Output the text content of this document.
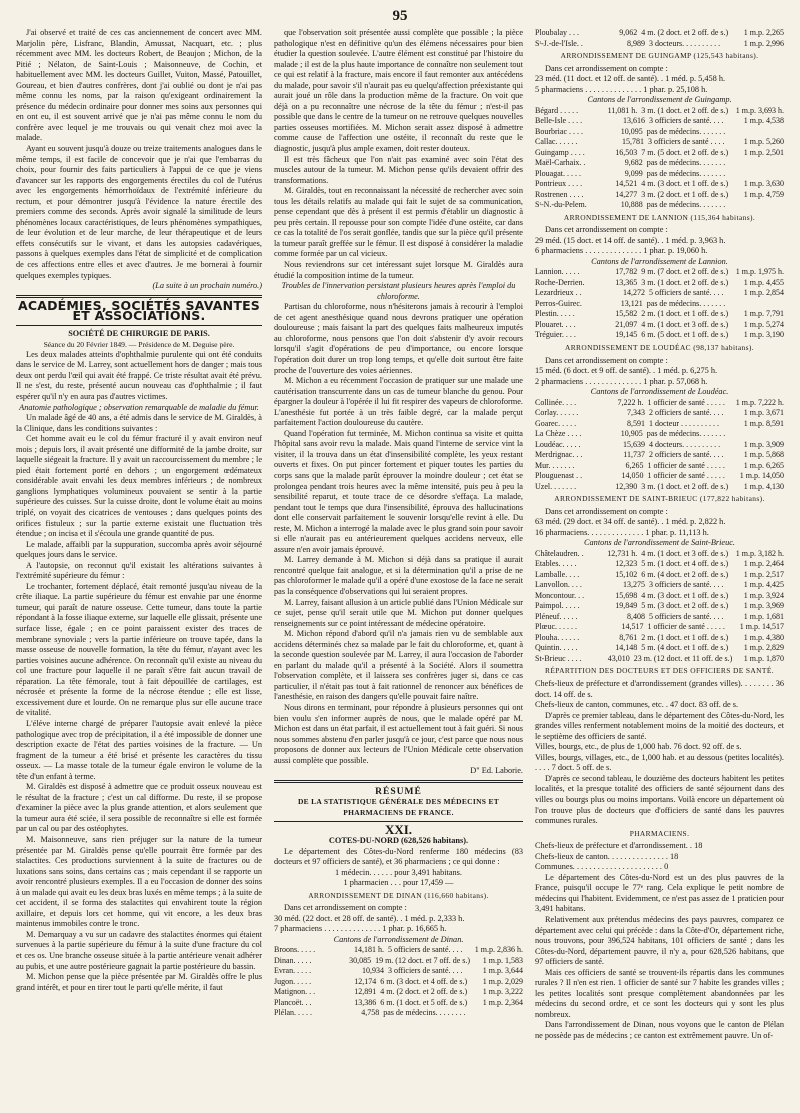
95

J'ai observé et traité de ces cas anciennement de concert avec MM. Marjolin père, Lisfranc, Blandin, Amussat, Nacquart, etc. ; plus récemment avec MM. les docteurs Robert, de Beaujon ; Michon, de la Pitié ; Nélaton, de Saint-Louis ; Maisonneuve, de Cochin, et habituellement avec MM. les docteurs Guillet, Vuiton, Massé, Patouillet, Goureau, et bien d'autres confrères, dont j'ai oublié ou dont je n'ai pas même connu les noms, par la raison qu'exigeant ordinairement la présence du médecin ordinaire pour donner mes soins aux personnes qui en ont eu, il est souvent arrivé que je n'ai pas même connu le nom du confrère avec lequel je me trouvais ou qui venait chez moi avec la malade.

Ayant eu souvent jusqu'à douze ou treize traitements analogues dans le même temps, il est facile de concevoir que je n'ai que l'embarras du choix, pour fournir des faits particuliers à l'appui de ce que je viens d'avancer sur les rapports des engorgements érectiles du col de l'utérus avec les engorgements hémorrhoïdaux de l'extrémité inférieure du rectum, et pour démontrer jusqu'à l'évidence la nature érectile des premiers comme des seconds. Après avoir signalé la similitude de leurs phénomènes locaux caractéristiques, de leurs phénomènes sympathiques, de leur évolution et de leur marche, de leur thérapeutique et de leurs effets consécutifs sur le vivant, et dans les autopsies cadavériques, passons à quelques exemples dans l'état de simplicité et de complication de ces affections entre elles et avec d'autres. Je me bornerai à fournir quelques exemples typiques.

(La suite à un prochain numéro.)

ACADÉMIES, SOCIÉTÉS SAVANTES ET ASSOCIATIONS.
SOCIÉTÉ DE CHIRURGIE DE PARIS.

Séance du 20 Février 1849. — Présidence de M. Deguise père.

Les deux malades atteints d'ophthalmie purulente qui ont été conduits dans le service de M. Larrey, sont actuellement hors de danger ; mais tous deux ont perdu l'œil qui avait été frappé. Ce triste résultat avait été prévu. Il ne s'est, du reste, présenté aucun nouveau cas d'ophthalmie ; il faut espérer qu'il n'y en aura pas d'autres victimes.

Anatomie pathologique ; observation remarquable de maladie du fémur.

Un malade âgé de 40 ans, a été admis dans le service de M. Giraldès, à la Clinique, dans les conditions suivantes :

Cet homme avait eu le col du fémur fracturé il y avait environ neuf mois ; depuis lors, il avait présenté une difformité de la jambe droite, sur laquelle siégeait la fracture. Il y avait un raccourcissement du membre ; le pied était fortement porté en dehors ; un engorgement œdémateux considérable avait envahi les deux membres inférieurs ; de nombreux ganglions lymphatiques volumineux pouvaient se sentir à la partie supérieure des cuisses. Sur la cuisse droite, dont le volume était au moins triplé, on voyait des cicatrices de ventouses ; dans quelques points des orifices fistuleux ; sur la partie externe existait une fluctuation très étendue ; on incisa et il s'écoula une grande quantité de pus.

Le malade, affaibli par la suppuration, succomba après avoir séjourné quelques jours dans le service.

A l'autopsie, on reconnut qu'il existait les altérations suivantes à l'extrémité supérieure du fémur :

Le trochanter, fortement déplacé, était remonté jusqu'au niveau de la crête iliaque. La partie supérieure du fémur est envahie par une énorme tumeur, qui paraît de nature osseuse. Cette tumeur, dans toute la partie répondant à la fosse iliaque externe, sur laquelle elle glissait, présente une surface lisse, égale ; en ce point paraissent exister des traces de membrane synoviale ; vers la partie inférieure on trouve tapée, dans la masse osseuse de nouvelle formation, la tête du fémur, n'ayant avec les parties voisines aucune adhérence. On reconnaît qu'il existe au niveau du col une fracture pour laquelle il ne paraît s'être fait aucun travail de réparation. La tête fémorale, tout à fait dépouillée de cartilages, est nécrosée et présente la forme de la nécrose étendue ; elle est lisse, excessivement dure et lourde. On ne remarque plus sur elle aucune trace de vitalité.

L'éléve interne chargé de préparer l'autopsie avait enlevé la pièce pathologique avec trop de précipitation, il a été impossible de donner une description exacte de l'état des parties voisines de la fracture. — Un fragment de la tumeur a été brisé et présente les caractères du tissu osseux. — La masse totale de la tumeur égale environ le volume de la tête d'un enfant à terme.

M. Giraldès est disposé à admettre que ce produit osseux nouveau est le résultat de la fracture ; c'est un cal difforme. Du reste, il se propose d'examiner la pièce avec la plus grande attention, et alors seulement que la tumeur aura été sciée, il sera possible de reconnaître si elle est formée par un cal ou par des ostéophytes.

M. Maisonneuve, sans rien préjuger sur la nature de la tumeur présentée par M. Giraldès pense qu'elle pourrait être formée par des stalactites. Ces productions surviennent à la suite de fractures ou de luxations sans soins, dans certains cas ; mais cependant il se rapporte un avoir rencontré plusieurs exemples. Il a eu l'occasion de donner des soins à un malade qui avait eu les deux bras luxés en même temps ; à la suite de cet accident, il se forma des stalactites qui envahirent toute la région axillaire, et depuis lors cet homme, qui vit encore, a les deux bras maintenus immobiles contre le tronc.

M. Demarquay a vu sur un cadavre des stalactites énormes qui étaient survenues à la partie supérieure du fémur à la suite d'une fracture du col et ces os. Une branche osseuse située à la partie antérieure venait adhérer au pubis, et une autre postérieure gagnait la partie postérieure du bassin.

M. Michon pense que la pièce présentée par M. Giraldès offre le plus grand intérêt, et pour en tirer tout le parti qu'elle mérite, il faut

que l'observation soit présentée aussi complète que possible ; la pièce pathologique n'est en définitive qu'un des élémens nécessaires pour bien étudier la question soulevée. L'autre élément est constitué par l'histoire du malade ; il est de la plus haute importance de connaître non seulement tout ce qui est relatif à la fracture, mais encore il faut remonter aux antécédens du malade, pour savoir s'il n'aurait pas eu quelqu'affection préexistante qui aurait joué un rôle dans la production même de la fracture. On voit que déjà on a pu reconnaître une nécrose de la tête du fémur ; n'est-il pas possible que dans le centre de la tumeur on ne retrouve quelques nouvelles parties osseuses mortifiées. M. Michon serait assez disposé à admettre comme cause de l'affection une ostéite, il reconnaît du reste que le diagnostic, jusqu'à plus ample examen, doit rester douteux.

Il est très fâcheux que l'on n'ait pas examiné avec soin l'état des muscles autour de la tumeur. M. Michon pense qu'ils devaient offrir des transformations.

M. Giraldès, tout en reconnaissant la nécessité de rechercher avec soin tous les détails relatifs au malade qui fait le sujet de sa communication, pense cependant que dès à présent il est permis d'établir un diagnostic à peu près certain. Il repousse pour son compte l'idée d'une ostéite, car dans ce cas la totalité de l'os serait gonflée, tandis que sur la pièce qu'il présente la tumeur paraît greffée sur le fémur. Il est disposé à considérer la maladie comme formée par un cal vicieux.

Nous reviendrons sur cet intéressant sujet lorsque M. Giraldès aura étudié la composition intime de la tumeur.

Troubles de l'innervation persistant plusieurs heures après l'emploi du chloroforme.

Partisan du chloroforme, nous n'hésiterons jamais à recourir à l'emploi de cet agent anesthésique quand nous devrons pratiquer une opération douloureuse ; mais faisant la part des quelques faits malheureux imputés au chloroforme, nous pensons que l'on doit s'abstenir d'y avoir recours lorsqu'il s'agit d'opérations de peu d'importance, ou encore lorsque l'opération doit durer un trop long temps, et qu'elle doit surtout être faite proche de l'ouverture des voies aériennes.

M. Michon a eu récemment l'occasion de pratiquer sur une malade une cautérisation transcurrente dans un cas de tumeur blanche du genou. Pour épargner la douleur à l'opérée il lui fit respirer des vapeurs de chloroforme. L'anesthésie fut portée à un très faible degré, car la malade perçut parfaitement l'action douloureuse du cautère.

Quand l'opération fut terminée, M. Michon continua sa visite et quitta l'hôpital sans avoir revu la malade. Mais quand l'interne de service vint la visiter, il la trouva dans un état d'insensibilité complète, les yeux restant ouverts et fixes. On put pincer fortement et piquer toutes les parties du corps sans que la malade parût éprouver la moindre douleur ; cet état se prolongea pendant trois heures avec la même intensité, puis peu à peu la sensibilité reparut, et toute trace de ce désordre s'effaça. La malade, pendant tout le temps que dura l'insensibilité, éprouva des hallucinations dont elle conservait parfaitement le souvenir lorsqu'elle revint à elle. Du reste, M. Michon a interrogé la malade avec le plus grand soin pour savoir si elle n'aurait pas eu antérieurement quelques accidens nerveux, elle assure n'en avoir jamais éprouvé.

M. Larrey demande à M. Michon si déjà dans sa pratique il aurait rencontré quelque fait analogue, et si la détermination qu'il a prise de ne pas chloroformer le malade qu'il a opéré d'une exostose de la face ne serait pas la conséquence d'observations qui lui seraient propres.

M. Larrey, faisant allusion à un article publié dans l'Union Médicale sur ce sujet, pense qu'il serait utile que M. Michon put donner quelques renseignements sur ce point intéressant de médecine opératoire.

M. Michon répond d'abord qu'il n'a jamais rien vu de semblable aux accidens déterminés chez sa malade par le fait du chloroforme, et, quant à la seconde question soulevée par M. Larrey, il aura l'occasion de l'aborder en parlant du malade qu'il a présenté à la Société. Alors il soumettra l'observation complète, et il laissera ses confrères juger si, dans ce cas particulier, il n'était pas tout à fait rationnel de renoncer aux bénéfices de l'anesthésie, en raison des dangers qu'elle pouvait faire naître.

Nous dirons en terminant, pour répondre à plusieurs personnes qui ont bien voulu s'en informer auprès de nous, que le malade opéré par M. Michon est dans un état parfait, il est actuellement tout à fait guéri. Si nous nous sommes abstenu d'en parler jusqu'à ce jour, c'est parce que nous nous proposons de donner aux lecteurs de l'Union Médicale cette observation aussi complète que possible.

D" Ed. Laborie.

RÉSUMÉ
DE LA STATISTIQUE GÉNÉRALE DES MÉDECINS ET PHARMACIENS DE FRANCE.
XXI.

COTES-DU-NORD (628,526 habitans).

Le département des Côtes-du-Nord renferme 180 médecins (83 docteurs et 97 officiers de santé), et 36 pharmaciens ; ce qui donne :

1 médecin. . . . . . pour 3,491 habitans.

1 pharmacien . . . pour 17,459 —

ARRONDISSEMENT DE DINAN (116,660 habitans).

Dans cet arrondissement on compte :

30 méd. (22 doct. et 28 off. de santé). . 1 méd. p. 2,333 h.

7 pharmaciens . . . . . . . . . . . . . . 1 phar. p. 16,665 h.

Cantons de l'arrondissement de Dinan.

Broons. . . . .	14,181 h. 5 officiers de santé. . . .	1 m.p. 2,836 h.
Dinan. . . . .	30,085 19 m. (12 doct. et 7 off. de s.)	1 m.p. 1,583
Evran. . . . .	10,934 3 officiers de santé. . . .	1 m.p. 3,644
Jugon. . . . .	12,174 6 m. (3 doct. et 4 off. de s.)	1 m.p. 2,029
Matignon. . .	12,891 4 m. (2 doct. et 2 off. de s.)	1 m.p. 3,222
Plancoët. . .	13,386 6 m. (1 doct. et 5 off. de s.)	1 m.p. 2,364
Plélan. . . . .	4,758 pas de médecins. . . . . . . .
Ploubalay . . .	9,062 4 m. (2 doct. et 2 off. de s.)	1 m.p. 2,265
Sᵗ-J.-de-l'Isle. .	8,989 3 docteurs. . . . . . . . . .	1 m.p. 2,996
ARRONDISSEMENT DE GUINGAMP (125,543 habitans).

Dans cet arrondissement on compte :

23 méd. (11 doct. et 12 off. de santé). . 1 méd. p. 5,458 h.

5 pharmaciens . . . . . . . . . . . . . . 1 phar. p. 25,108 h.

Cantons de l'arrondissement de Guingamp.

Bégard . . . . .	11,081 h. 3 m. (1 doct. et 2 off. de s.) 1 m.p. 3,693 h.
Belle-Isle . . . .	13,616 3 officiers de santé. . . .	1 m.p. 4,538
Bourbriac . . . .	10,095 pas de médecins. . . . . . .
Callac. . . . . .	15,781 3 officiers de santé . . . .	1 m.p. 5,260
Guingamp . . . .	16,503 7 m. (5 doct. et 2 off. de s.)	1 m.p. 2,501
Maël-Carhaix. .	9,682 pas de médecins. . . . . . .
Plouagat. . . . .	9,099 pas de médecins. . . . . . .
Pontrieux . . . .	14,521 4 m. (3 doct. et 1 off. de s.)	1 m.p. 3,630
Rostrenen . . . .	14,277 3 m. (2 doct. et 1 off. de s.)	1 m.p. 4,759
Sᵗ-N.-du-Pelem.	10,888 pas de médecins. . . . . . .
ARRONDISSEMENT DE LANNION (115,364 habitans).

Dans cet arrondissement on compte :

29 méd. (15 doct. et 14 off. de santé). . 1 méd. p. 3,963 h.

6 pharmaciens . . . . . . . . . . . . . . 1 phar. p. 19,060 h.

Cantons de l'arrondissement de Lannion.

Lannion. . . . .	17,782 9 m. (7 doct. et 2 off. de s.) 1 m.p. 1,975 h.
Roche-Derrien.	13,365 3 m. (1 doct. et 2 off. de s.)	1 m.p. 4,455
Lezardrieux . .	14,272 5 officiers de santé. . . .	1 m.p. 2,854
Perros-Guirec.	13,121 pas de médecins. . . . . . .
Plestin. . . . .	15,582 2 m. (1 doct. et 1 off. de s.)	1 m.p. 7,791
Plouaret. . . .	21,097 4 m. (1 doct. et 3 off. de s.)	1 m.p. 5,274
Tréguier. . . .	19,145 6 m. (5 doct. et 1 off. de s.)	1 m.p. 3,190
ARRONDISSEMENT DE LOUDÉAC (98,137 habitans).

Dans cet arrondissement on compte :

15 méd. (6 doct. et 9 off. de santé). . 1 méd. p. 6,275 h.

2 pharmaciens . . . . . . . . . . . . . . 1 phar. p. 57,068 h.

Cantons de l'arrondissement de Loudéac.

Collinée. . . .	7,222 h. 1 officier de santé . . . . .	1 m.p. 7,222 h.
Corlay. . . . . .	7,343 2 officiers de santé. . . .	1 m.p. 3,671
Goarec. . . . .	8,591 1 docteur . . . . . . . . . .	1 m.p. 8,591
La Chèze . . . .	10,905 pas de médecins. . . . . . .
Loudéac. . . . .	15,639 4 docteurs. . . . . . . . . .	1 m.p. 3,909
Merdrignac. . .	11,737 2 officiers de santé. . . .	1 m.p. 5,868
Mur. . . . . . .	6,265 1 officier de santé . . . . .	1 m.p. 6,265
Plouguenast . .	14,050 1 officier de santé . . . . .	1 m.p. 14,050
Uzel. . . . . . .	12,390 3 m. (1 doct. et 2 off. de s.)	1 m.p. 4,130
ARRONDISSEMENT DE SAINT-BRIEUC (177,822 habitans).

Dans cet arrondissement on compte :

63 méd. (29 doct. et 34 off. de santé). . 1 méd. p. 2,822 h.

16 pharmaciens. . . . . . . . . . . . . . 1 phar. p. 11,113 h.

Cantons de l'arrondissement de Saint-Brieuc.

Châtelaudren. .	12,731 h. 4 m. (1 doct. et 3 off. de s.) 1 m.p. 3,182 h.
Etables. . . . .	12,323 5 m. (1 doct. et 4 off. de s.)	1 m.p. 2,464
Lamballe. . . .	15,102 6 m. (4 doct. et 2 off. de s.)	1 m.p. 2,517
Lanvollon. . . .	13,275 3 officiers de santé. . . .	1 m.p. 4,425
Moncontour. . .	15,698 4 m. (3 doct. et 1 off. de s.)	1 m.p. 3,924
Paimpol. . . . .	19,849 5 m. (3 doct. et 2 off. de s.)	1 m.p. 3,969
Pléneuf. . . . .	8,408 5 officiers de santé. . . .	1 m.p. 1,681
Plœuc. . . . . .	14,517 1 officier de santé . . . . .	1 m.p. 14,517
Plouha. . . . . .	8,761 2 m. (1 doct. et 1 off. de s.)	1 m.p. 4,380
Quintin. . . . .	14,148 5 m. (4 doct. et 1 off. de s.)	1 m.p. 2,829
St-Brieuc . . . .	43,010 23 m. (12 doct. et 11 off. de s.)	1 m.p. 1,870
RÉPARTITION DES DOCTEURS ET DES OFFICIERS DE SANTÉ.

Chefs-lieux de préfecture et d'arrondissement (grandes villes). . . . . . . . 36 doct. 14 off. de s.

Chefs-lieux de canton, communes, etc. . 47 doct. 83 off. de s.

D'après ce premier tableau, dans le département des Côtes-du-Nord, les grandes villes renferment notablement moins de la moitié des docteurs, et le septième des officiers de santé.

Villes, bourgs, etc., de plus de 1,000 hab. 76 doct. 92 off. de s.

Villes, bourgs, villages, etc., de 1,000 hab. et au dessous (petites localités). . . . . 7 doct. 5 off. de s.

D'après ce second tableau, le douzième des docteurs habitent les petites localités, et la presque totalité des officiers de santé séjournent dans des villes ou bourgs plus ou moins importans. Voilà encore un département où l'on trouve plus de docteurs que d'officiers de santé dans les pauvres communes rurales.

PHARMACIENS.

Chefs-lieux de préfecture et d'arrondissement. . 18

Chefs-lieux de canton. . . . . . . . . . . . . . . 18

Communes. . . . . . . . . . . . . . . . . . . . . . 0

Le département des Côtes-du-Nord est un des plus pauvres de la France, puisqu'il occupe le 77ᵉ rang. Cela explique le petit nombre de médecins qui l'habitent. Evidemment, ce n'est pas assez de 1 praticien pour 3,491 habitans.

Relativement aux prétendus médecins des pays pauvres, comparez ce département avec celui qui précède : dans la Côte-d'Or, département riche, nous trouvons, pour 396,524 habitans, 101 officiers de santé ; dans les Côtes-du-Nord, département pauvre, il n'y a, pour 628,526 habitans, que 97 officiers de santé.

Mais ces officiers de santé se trouvent-ils répartis dans les communes rurales ? Il n'en est rien. 1 officier de santé sur 7 habite les grandes villes ; les petites localités sont presque complètement abandonnées par les médecins du second ordre, et ce sont les docteurs qui y sont les plus nombreux.

Dans l'arrondissement de Dinan, nous voyons que le canton de Plélan ne possède pas de médecins ; ce canton est extrêmement pauvre. Un of-
